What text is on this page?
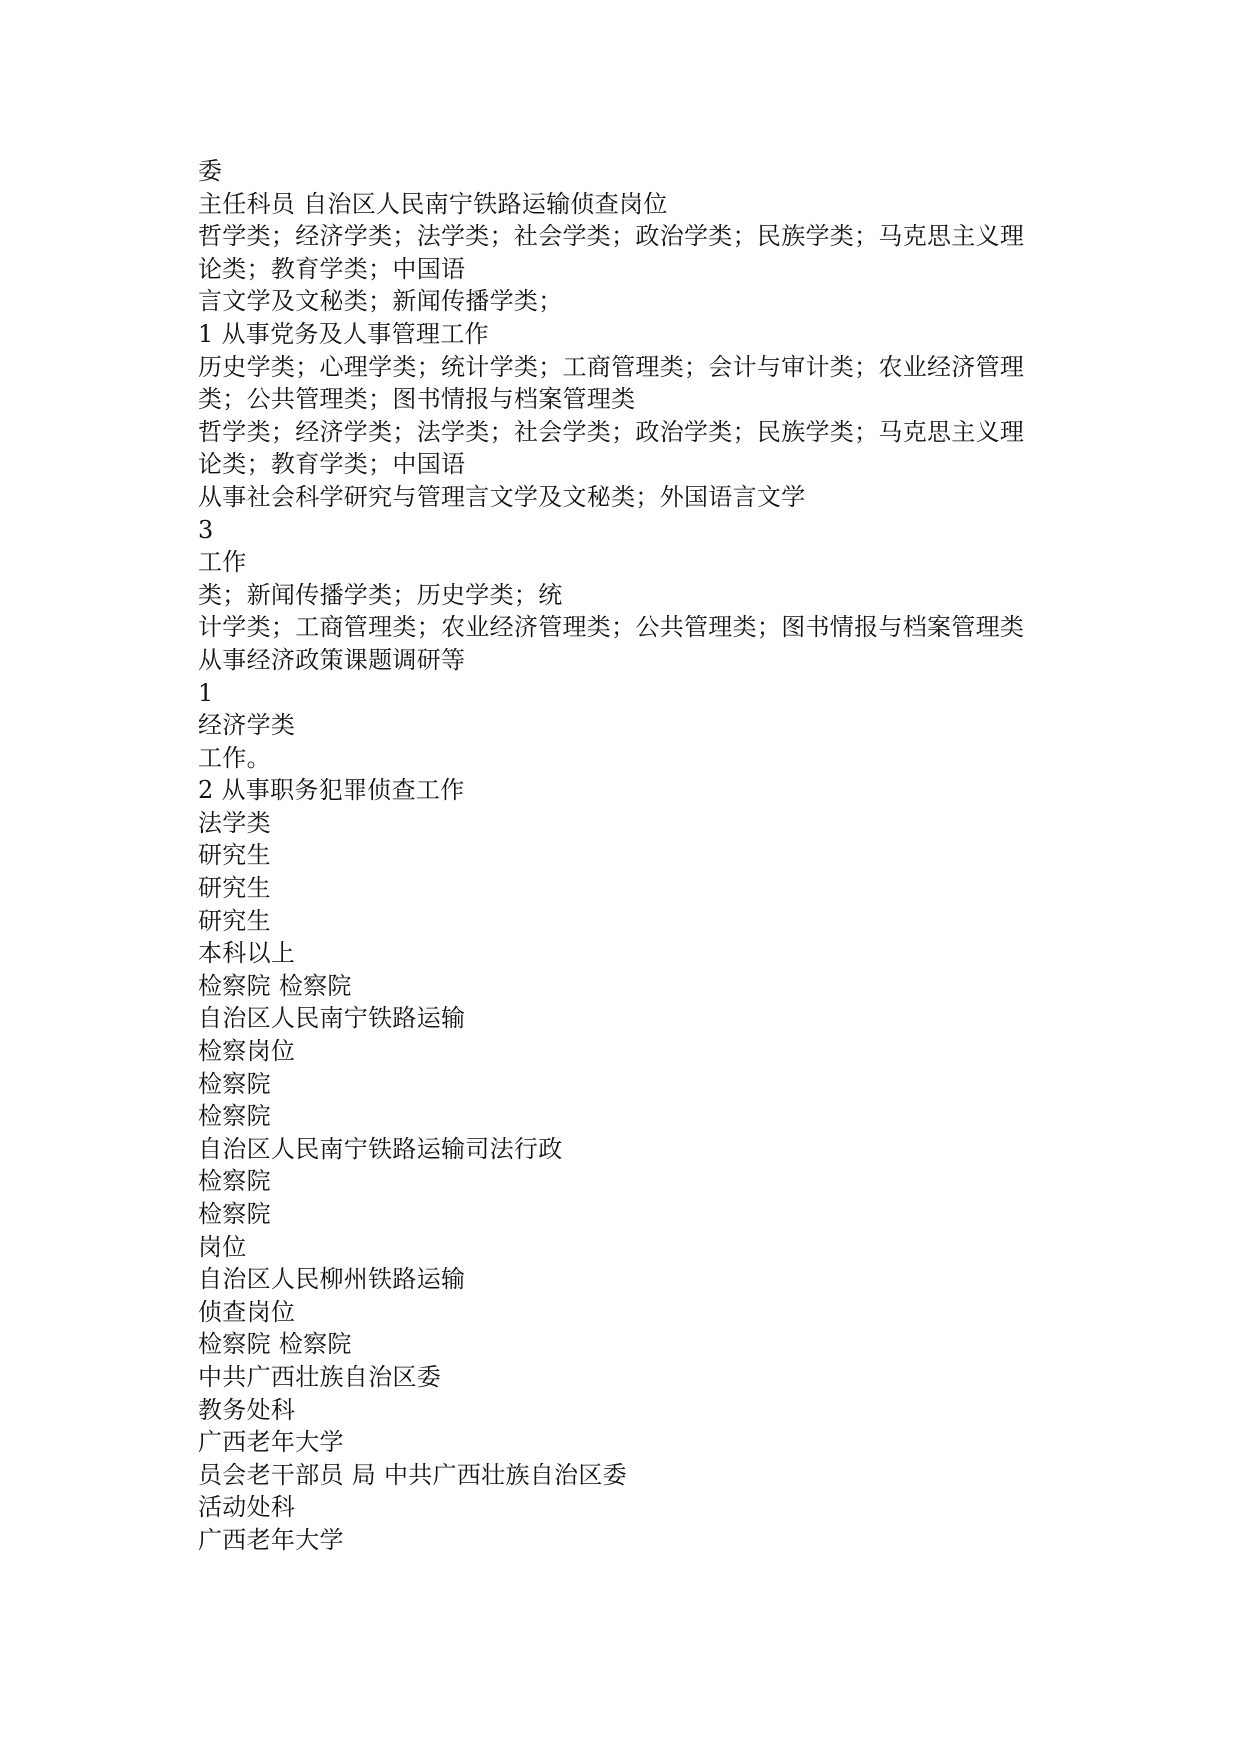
委
主任科员 自治区人民南宁铁路运输侦查岗位
哲学类；经济学类；法学类；社会学类；政治学类；民族学类；马克思主义理论类；教育学类；中国语
言文学及文秘类；新闻传播学类；
1 从事党务及人事管理工作
历史学类；心理学类；统计学类；工商管理类；会计与审计类；农业经济管理类；公共管理类；图书情报与档案管理类
哲学类；经济学类；法学类；社会学类；政治学类；民族学类；马克思主义理论类；教育学类；中国语
从事社会科学研究与管理言文学及文秘类；外国语言文学
3
工作
类；新闻传播学类；历史学类；统
计学类；工商管理类；农业经济管理类；公共管理类；图书情报与档案管理类
从事经济政策课题调研等
1
经济学类
工作。
2 从事职务犯罪侦查工作
法学类
研究生
研究生
研究生
本科以上
检察院 检察院
自治区人民南宁铁路运输
检察岗位
检察院
检察院
自治区人民南宁铁路运输司法行政
检察院
检察院
岗位
自治区人民柳州铁路运输
侦查岗位
检察院 检察院
中共广西壮族自治区委
教务处科
广西老年大学
员会老干部员 局 中共广西壮族自治区委
活动处科
广西老年大学
